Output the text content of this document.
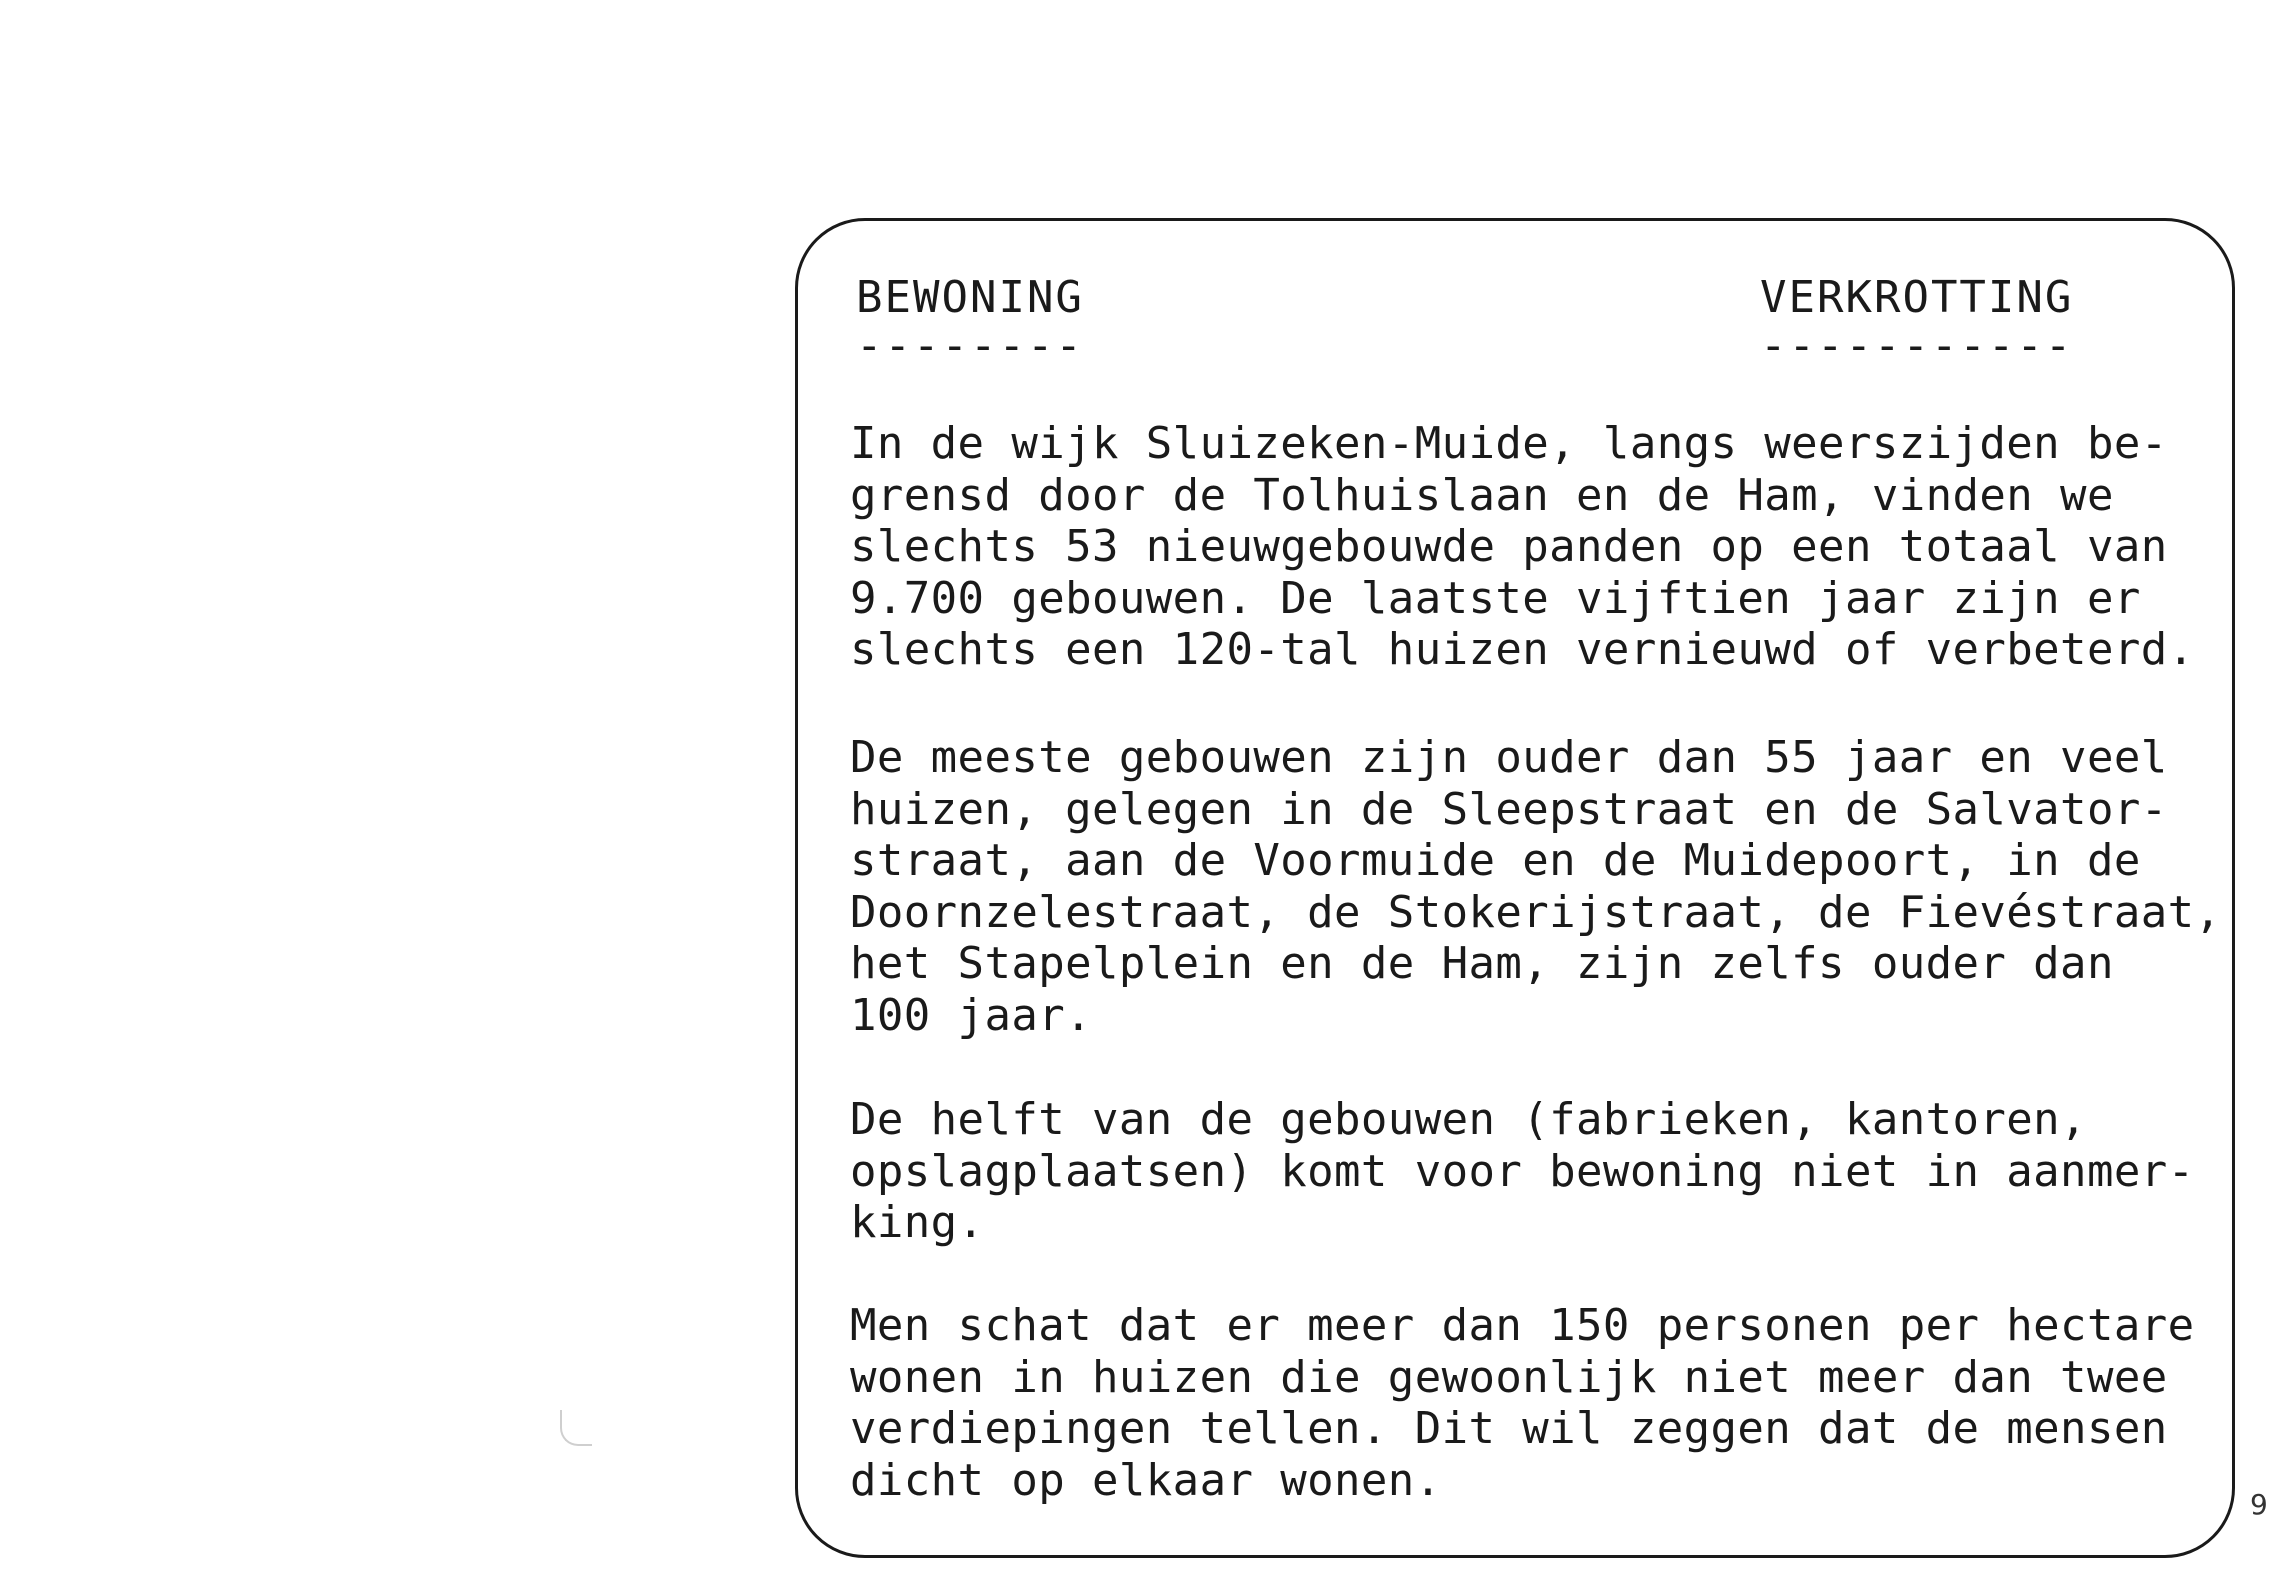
BEWONING
--------
VERKROTTING
-----------

In de wijk Sluizeken-Muide, langs weerszijden be-
grensd door de Tolhuislaan en de Ham, vinden we
slechts 53 nieuwgebouwde panden op een totaal van
9.700 gebouwen. De laatste vijftien jaar zijn er
slechts een 120-tal huizen vernieuwd of verbeterd.

De meeste gebouwen zijn ouder dan 55 jaar en veel
huizen, gelegen in de Sleepstraat en de Salvator-
straat, aan de Voormuide en de Muidepoort, in de
Doornzelestraat, de Stokerijstraat, de Fievéstraat,
het Stapelplein en de Ham, zijn zelfs ouder dan
100 jaar.

De helft van de gebouwen (fabrieken, kantoren,
opslagplaatsen) komt voor bewoning niet in aanmer-
king.

Men schat dat er meer dan 150 personen per hectare
wonen in huizen die gewoonlijk niet meer dan twee
verdiepingen tellen. Dit wil zeggen dat de mensen
dicht op elkaar wonen.	9
